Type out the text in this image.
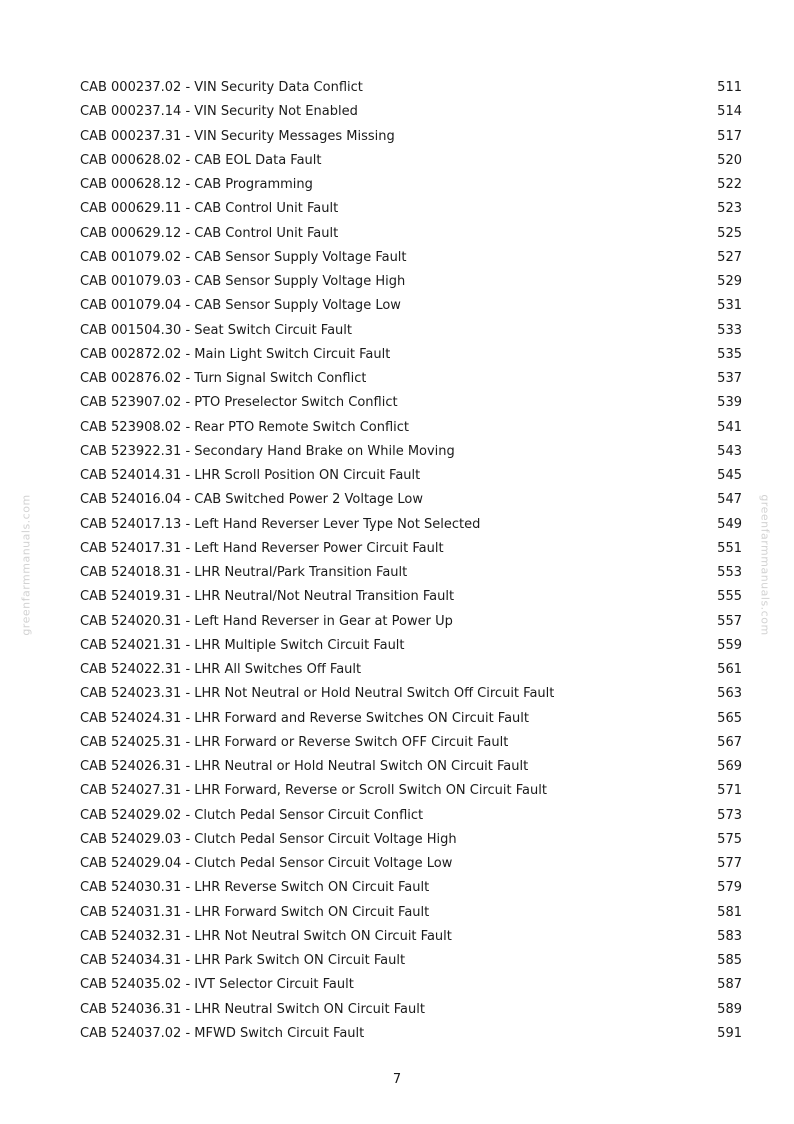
greenfarmmanuals.com	greenfarmmanuals.com
CAB 000237.02 - VIN Security Data Conflict	511
CAB 000237.14 - VIN Security Not Enabled	514
CAB 000237.31 - VIN Security Messages Missing	517
CAB 000628.02 - CAB EOL Data Fault	520
CAB 000628.12 - CAB Programming	522
CAB 000629.11 - CAB Control Unit Fault	523
CAB 000629.12 - CAB Control Unit Fault	525
CAB 001079.02 - CAB Sensor Supply Voltage Fault	527
CAB 001079.03 - CAB Sensor Supply Voltage High	529
CAB 001079.04 - CAB Sensor Supply Voltage Low	531
CAB 001504.30 - Seat Switch Circuit Fault	533
CAB 002872.02 - Main Light Switch Circuit Fault	535
CAB 002876.02 - Turn Signal Switch Conflict	537
CAB 523907.02 - PTO Preselector Switch Conflict	539
CAB 523908.02 - Rear PTO Remote Switch Conflict	541
CAB 523922.31 - Secondary Hand Brake on While Moving	543
CAB 524014.31 - LHR Scroll Position ON Circuit Fault	545
CAB 524016.04 - CAB Switched Power 2 Voltage Low	547
CAB 524017.13 - Left Hand Reverser Lever Type Not Selected	549
CAB 524017.31 - Left Hand Reverser Power Circuit Fault	551
CAB 524018.31 - LHR Neutral/Park Transition Fault	553
CAB 524019.31 - LHR Neutral/Not Neutral Transition Fault	555
CAB 524020.31 - Left Hand Reverser in Gear at Power Up	557
CAB 524021.31 - LHR Multiple Switch Circuit Fault	559
CAB 524022.31 - LHR All Switches Off Fault	561
CAB 524023.31 - LHR Not Neutral or Hold Neutral Switch Off Circuit Fault	563
CAB 524024.31 - LHR Forward and Reverse Switches ON Circuit Fault	565
CAB 524025.31 - LHR Forward or Reverse Switch OFF Circuit Fault	567
CAB 524026.31 - LHR Neutral or Hold Neutral Switch ON Circuit Fault	569
CAB 524027.31 - LHR Forward, Reverse or Scroll Switch ON Circuit Fault	571
CAB 524029.02 - Clutch Pedal Sensor Circuit Conflict	573
CAB 524029.03 - Clutch Pedal Sensor Circuit Voltage High	575
CAB 524029.04 - Clutch Pedal Sensor Circuit Voltage Low	577
CAB 524030.31 - LHR Reverse Switch ON Circuit Fault	579
CAB 524031.31 - LHR Forward Switch ON Circuit Fault	581
CAB 524032.31 - LHR Not Neutral Switch ON Circuit Fault	583
CAB 524034.31 - LHR Park Switch ON Circuit Fault	585
CAB 524035.02 - IVT Selector Circuit Fault	587
CAB 524036.31 - LHR Neutral Switch ON Circuit Fault	589
CAB 524037.02 - MFWD Switch Circuit Fault	591
7
